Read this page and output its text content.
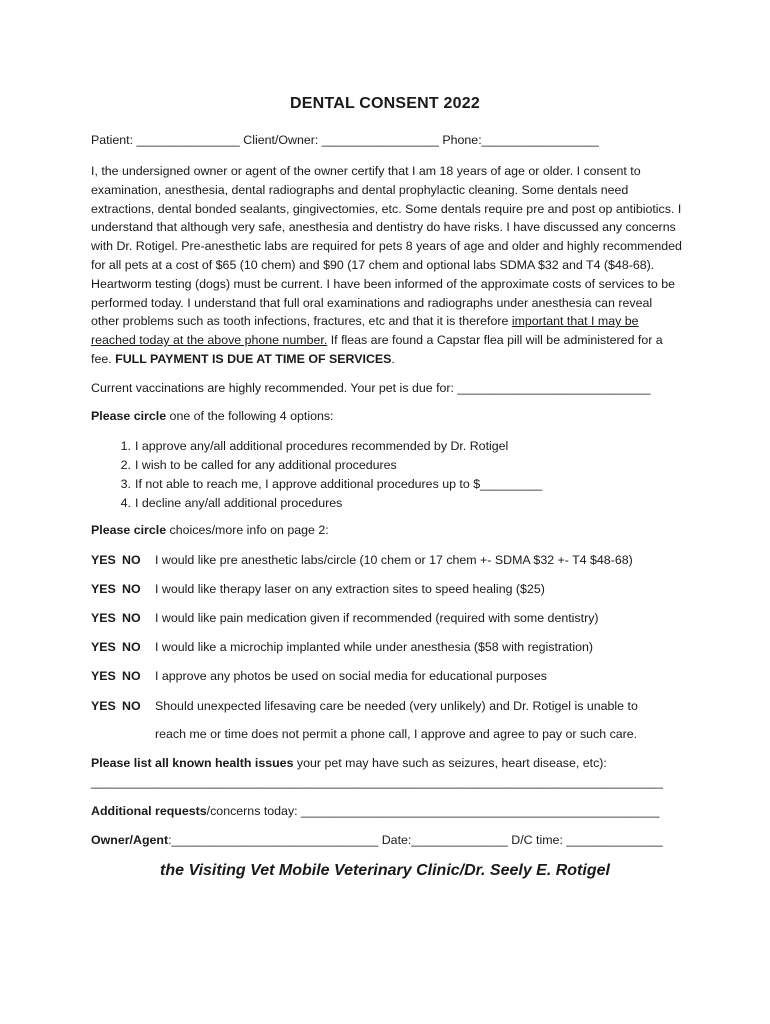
DENTAL CONSENT 2022
Patient: _______________ Client/Owner: _________________ Phone:_________________
I, the undersigned owner or agent of the owner certify that I am 18 years of age or older. I consent to examination, anesthesia, dental radiographs and dental prophylactic cleaning. Some dentals need extractions, dental bonded sealants, gingivectomies, etc. Some dentals require pre and post op antibiotics. I understand that although very safe, anesthesia and dentistry do have risks. I have discussed any concerns with Dr. Rotigel. Pre-anesthetic labs are required for pets 8 years of age and older and highly recommended for all pets at a cost of $65 (10 chem) and $90 (17 chem and optional labs SDMA $32 and T4 ($48-68). Heartworm testing (dogs) must be current. I have been informed of the approximate costs of services to be performed today. I understand that full oral examinations and radiographs under anesthesia can reveal other problems such as tooth infections, fractures, etc and that it is therefore important that I may be reached today at the above phone number. If fleas are found a Capstar flea pill will be administered for a fee. FULL PAYMENT IS DUE AT TIME OF SERVICES.
Current vaccinations are highly recommended. Your pet is due for: ____________________________
Please circle one of the following 4 options:
1. I approve any/all additional procedures recommended by Dr. Rotigel
2. I wish to be called for any additional procedures
3. If not able to reach me, I approve additional procedures up to $_________
4. I decline any/all additional procedures
Please circle choices/more info on page 2:
YES NO I would like pre anesthetic labs/circle (10 chem or 17 chem +- SDMA $32 +- T4 $48-68)
YES NO I would like therapy laser on any extraction sites to speed healing ($25)
YES NO I would like pain medication given if recommended (required with some dentistry)
YES NO I would like a microchip implanted while under anesthesia ($58 with registration)
YES NO I approve any photos be used on social media for educational purposes
YES NO Should unexpected lifesaving care be needed (very unlikely) and Dr. Rotigel is unable to
reach me or time does not permit a phone call, I approve and agree to pay or such care.
Please list all known health issues your pet may have such as seizures, heart disease, etc):
___________________________________________________________________________________
Additional requests/concerns today: ____________________________________________________
Owner/Agent:______________________________ Date:______________ D/C time: ______________
the Visiting Vet Mobile Veterinary Clinic/Dr. Seely E. Rotigel
